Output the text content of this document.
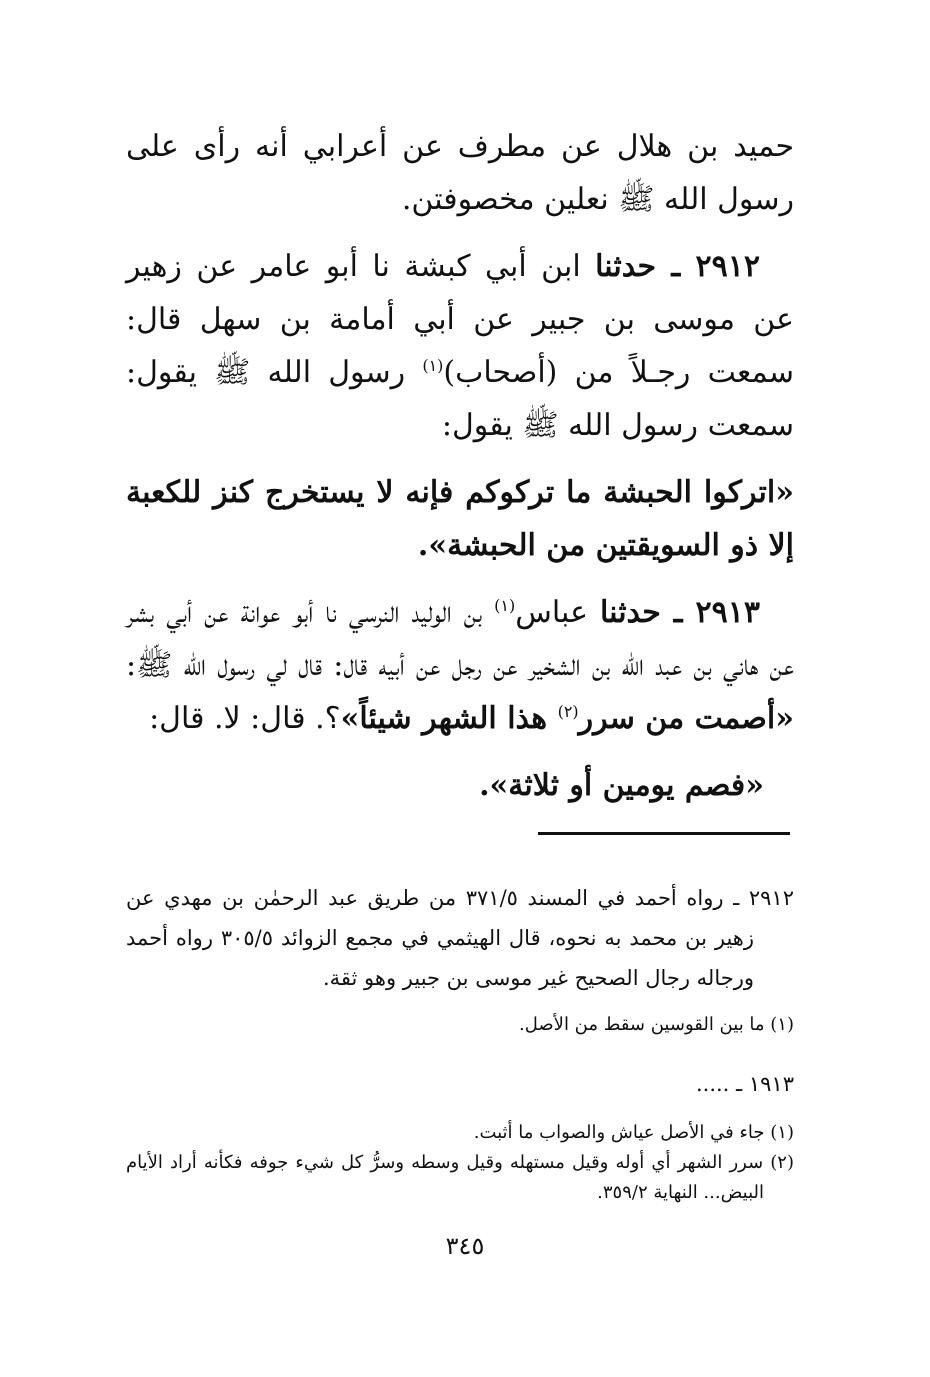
حميد بن هلال عن مطرف عن أعرابي أنه رأى على رسول الله ﷺ نعلين مخصوفتن.

٢٩١٢ ـ حدثنا ابن أبي كبشة نا أبو عامر عن زهير عن موسى بن جبير عن أبي أمامة بن سهل قال: سمعت رجـلاً من (أصحاب)$^{(١)}$ رسول الله ﷺ يقول: سمعت رسول الله ﷺ يقول:

«اتركوا الحبشة ما تركوكم فإنه لا يستخرج كنز للكعبة إلا ذو السويقتين من الحبشة».

٢٩١٣ ـ حدثنا عباس$^{(١)}$ بن الوليد النرسي نا أبو عوانة عن أبي بشر عن هاني بن عبد الله بن الشخير عن رجل عن أبيه قال: قال لي رسول الله ﷺ: «أصمت من سرر$^{(٢)}$ هذا الشهر شيئاً»؟. قال: لا. قال:

«فصم يومين أو ثلاثة».

٢٩١٢ ـ رواه أحمد في المسند ٣٧١/٥ من طريق عبد الرحمٰن بن مهدي عن زهير بن محمد به نحوه، قال الهيثمي في مجمع الزوائد ٣٠٥/٥ رواه أحمد ورجاله رجال الصحيح غير موسى بن جبير وهو ثقة.

(١) ما بين القوسين سقط من الأصل.

١٩١٣ ـ .....

(١) جاء في الأصل عياش والصواب ما أثبت.

(٢) سرر الشهر أي أوله وقيل مستهله وقيل وسطه وسرُّ كل شيء جوفه فكأنه أراد الأيام البيض... النهاية ٣٥٩/٢.

٣٤٥
